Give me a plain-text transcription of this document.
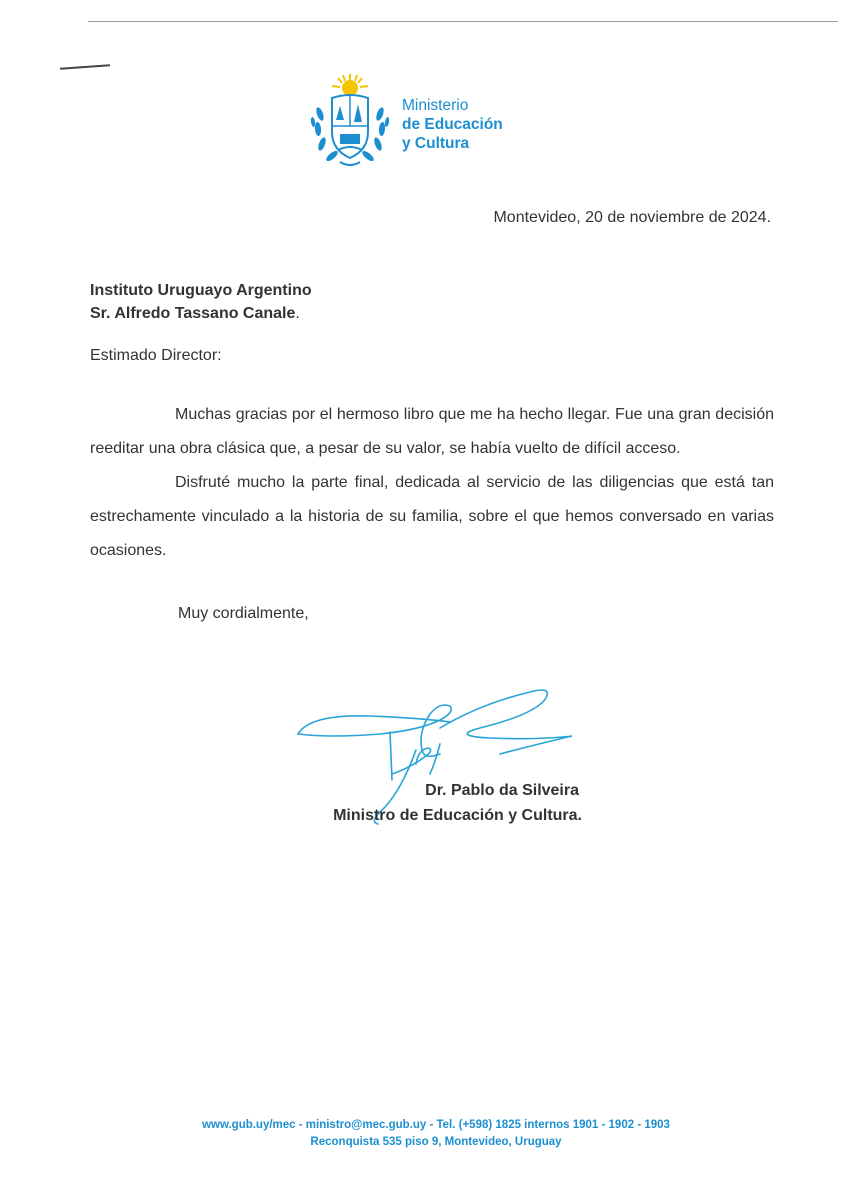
Ministerio
de Educación
y Cultura
Montevideo, 20 de noviembre de 2024.
Instituto Uruguayo Argentino
Sr. Alfredo Tassano Canale.
Estimado Director:

Muchas gracias por el hermoso libro que me ha hecho llegar. Fue una gran decisión reeditar una obra clásica que, a pesar de su valor, se había vuelto de difícil acceso.

Disfruté mucho la parte final, dedicada al servicio de las diligencias que está tan estrechamente vinculado a la historia de su familia, sobre el que hemos conversado en varias ocasiones.

Muy cordialmente,
Dr. Pablo da Silveira
Ministro de Educación y Cultura.
www.gub.uy/mec - ministro@mec.gub.uy - Tel. (+598) 1825 internos 1901 - 1902 - 1903
Reconquista 535 piso 9, Montevideo, Uruguay
